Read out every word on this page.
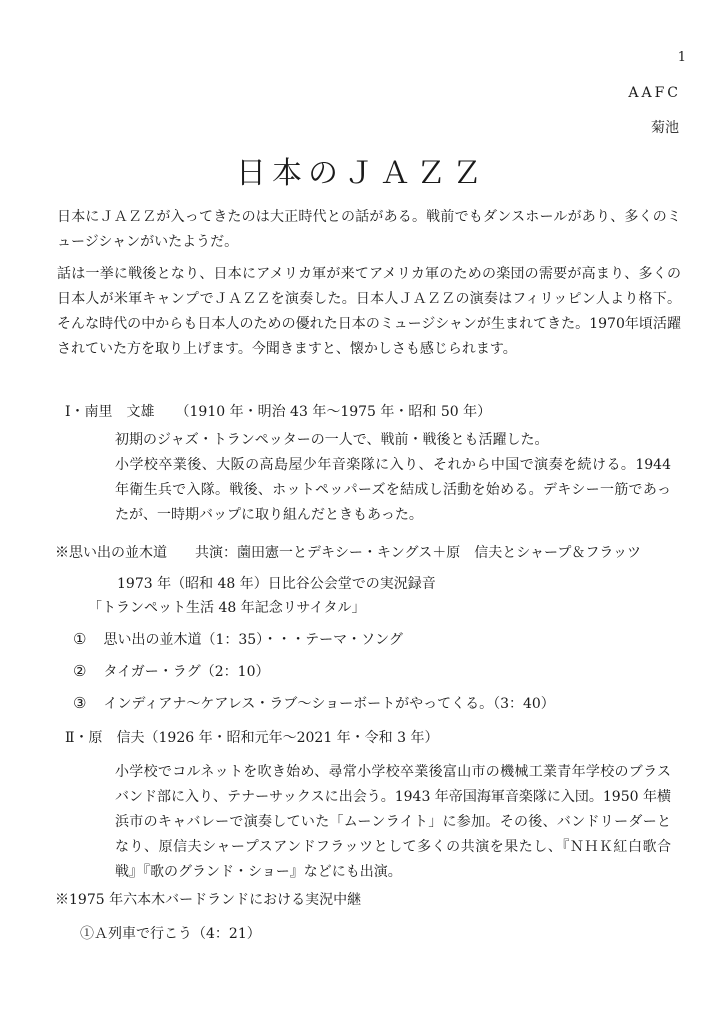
1
AAFC
菊池
日本のＪＡＺＺ
日本にＪＡＺＺが入ってきたのは大正時代との話がある。戦前でもダンスホールがあり、多くのミュージシャンがいたようだ。
話は一挙に戦後となり、日本にアメリカ軍が来てアメリカ軍のための楽団の需要が高まり、多くの日本人が米軍キャンプでＪＡＺＺを演奏した。日本人ＪＡＺＺの演奏はフィリッピン人より格下。そんな時代の中からも日本人のための優れた日本のミュージシャンが生まれてきた。1970年頃活躍されていた方を取り上げます。今聞きますと、懐かしさも感じられます。
Ⅰ・南里　文雄　　（1910 年・明治 43 年〜1975 年・昭和 50 年）
初期のジャズ・トランペッターの一人で、戦前・戦後とも活躍した。
小学校卒業後、大阪の高島屋少年音楽隊に入り、それから中国で演奏を続ける。1944 年衛生兵で入隊。戦後、ホットペッパーズを結成し活動を始める。デキシー一筋であったが、一時期バップに取り組んだときもあった。
※思い出の並木道　　共演：薗田憲一とデキシー・キングス＋原　信夫とシャープ＆フラッツ
1973 年（昭和 48 年）日比谷公会堂での実況録音
「トランペット生活 48 年記念リサイタル」
① 思い出の並木道（1：35）・・・テーマ・ソング
② タイガー・ラグ（2：10）
③ インディアナ〜ケアレス・ラブ〜ショーボートがやってくる。（3：40）
Ⅱ・原　信夫（1926 年・昭和元年〜2021 年・令和 3 年）
小学校でコルネットを吹き始め、尋常小学校卒業後富山市の機械工業青年学校のブラスバンド部に入り、テナーサックスに出会う。1943 年帝国海軍音楽隊に入団。1950 年横浜市のキャバレーで演奏していた「ムーンライト」に参加。その後、バンドリーダーとなり、原信夫シャープスアンドフラッツとして多くの共演を果たし、『ＮＨＫ紅白歌合戦』『歌のグランド・ショー』などにも出演。
※1975 年六本木バードランドにおける実況中継
①Ａ列車で行こう（4：21）
